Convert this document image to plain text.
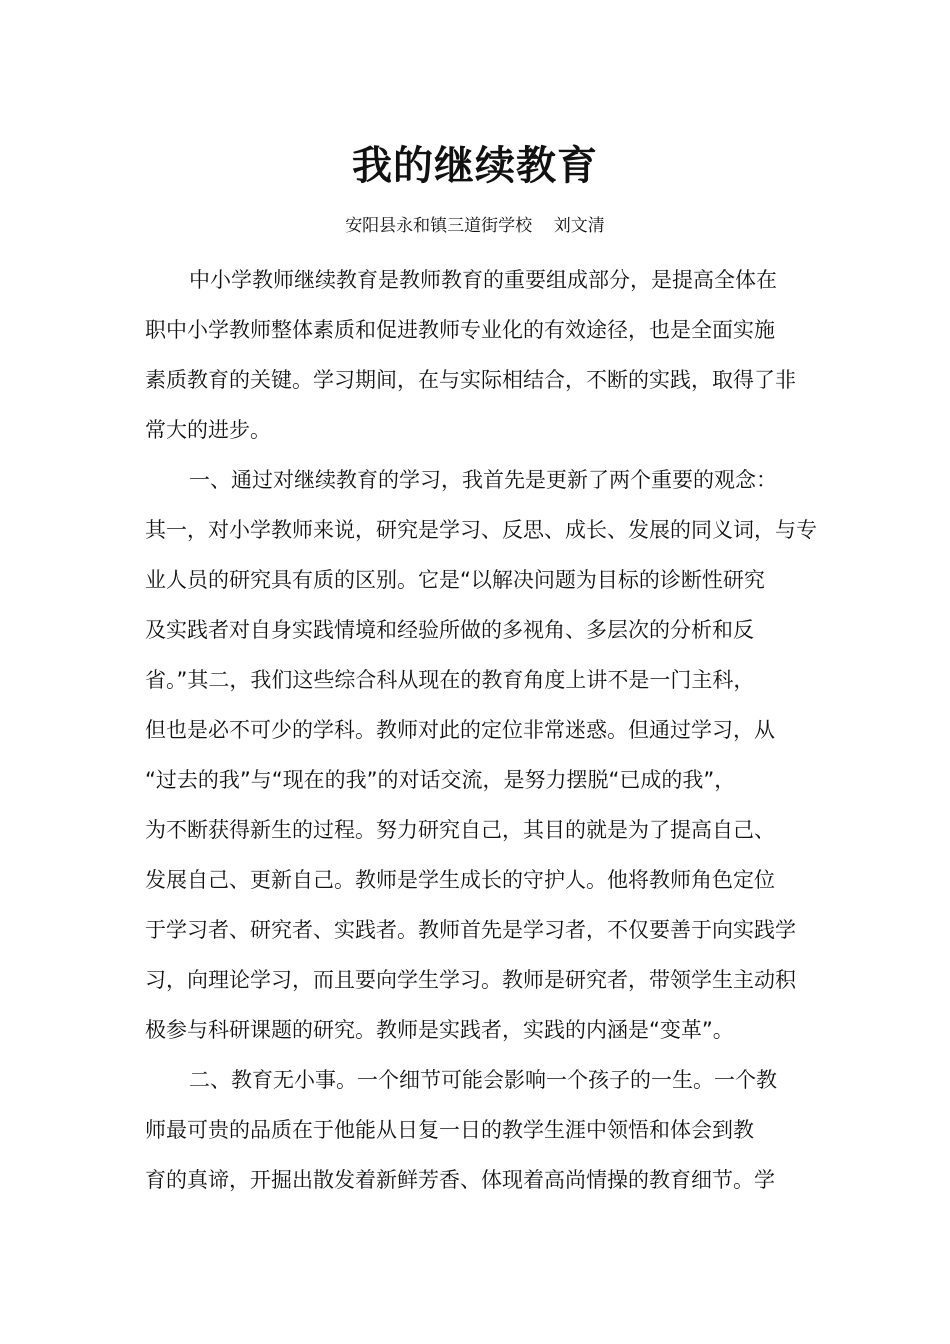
我的继续教育
安阳县永和镇三道街学校    刘文清
中小学教师继续教育是教师教育的重要组成部分，是提高全体在
职中小学教师整体素质和促进教师专业化的有效途径，也是全面实施
素质教育的关键。学习期间，在与实际相结合，不断的实践，取得了非
常大的进步。
一、通过对继续教育的学习，我首先是更新了两个重要的观念：
其一，对小学教师来说，研究是学习、反思、成长、发展的同义词，与专
业人员的研究具有质的区别。它是“以解决问题为目标的诊断性研究
及实践者对自身实践情境和经验所做的多视角、多层次的分析和反
省。”其二，我们这些综合科从现在的教育角度上讲不是一门主科，
但也是必不可少的学科。教师对此的定位非常迷惑。但通过学习，从
“过去的我”与“现在的我”的对话交流，是努力摆脱“已成的我”，
为不断获得新生的过程。努力研究自己，其目的就是为了提高自己、
发展自己、更新自己。教师是学生成长的守护人。他将教师角色定位
于学习者、研究者、实践者。教师首先是学习者，不仅要善于向实践学
习，向理论学习，而且要向学生学习。教师是研究者，带领学生主动积
极参与科研课题的研究。教师是实践者，实践的内涵是“变革”。
二、教育无小事。一个细节可能会影响一个孩子的一生。一个教
师最可贵的品质在于他能从日复一日的教学生涯中领悟和体会到教
育的真谛，开掘出散发着新鲜芳香、体现着高尚情操的教育细节。学
